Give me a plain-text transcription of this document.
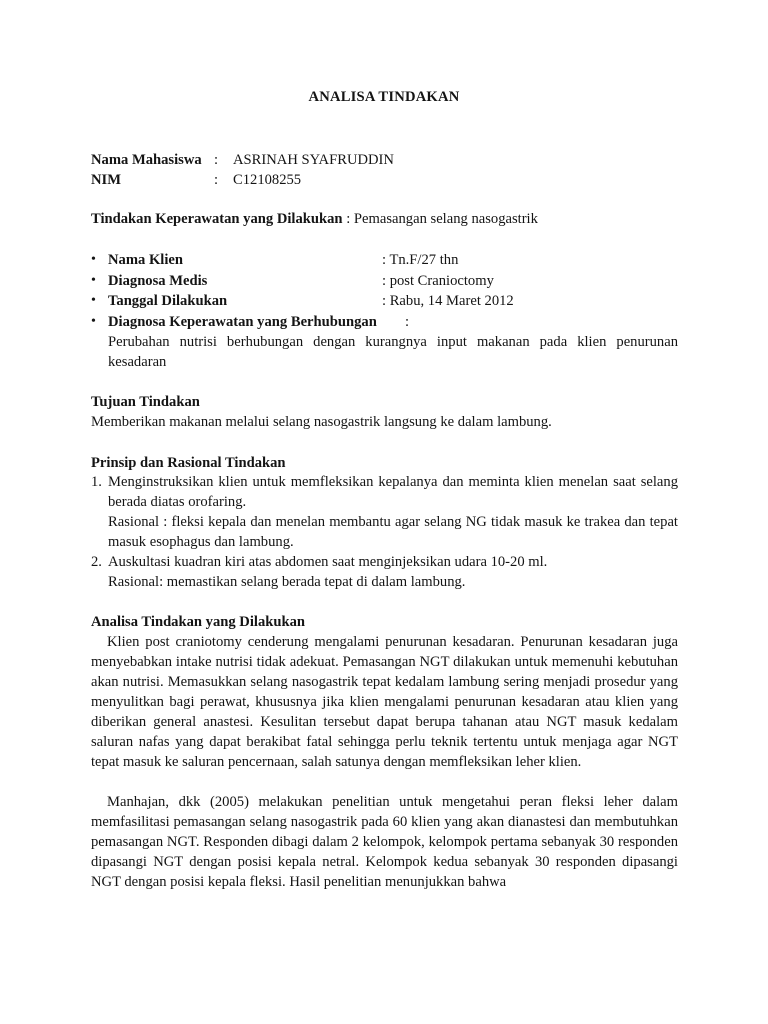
ANALISA TINDAKAN
Nama Mahasiswa : ASRINAH SYAFRUDDIN
NIM	: C12108255
Tindakan Keperawatan yang Dilakukan : Pemasangan selang nasogastrik
• Nama Klien	: Tn.F/27 thn
• Diagnosa Medis	: post Cranioctomy
• Tanggal Dilakukan	: Rabu, 14 Maret 2012
• Diagnosa Keperawatan yang Berhubungan :
Perubahan nutrisi berhubungan dengan kurangnya input makanan pada klien penurunan kesadaran
Tujuan Tindakan
Memberikan makanan melalui selang nasogastrik langsung ke dalam lambung.
Prinsip dan Rasional Tindakan
1. Menginstruksikan klien untuk memfleksikan kepalanya dan meminta klien menelan saat selang berada diatas orofaring.
Rasional : fleksi kepala dan menelan membantu agar selang NG tidak masuk ke trakea dan tepat masuk esophagus dan lambung.
2. Auskultasi kuadran kiri atas abdomen saat menginjeksikan udara 10-20 ml.
Rasional: memastikan selang berada tepat di dalam lambung.
Analisa Tindakan yang Dilakukan
Klien post craniotomy cenderung mengalami penurunan kesadaran. Penurunan kesadaran juga menyebabkan intake nutrisi tidak adekuat. Pemasangan NGT dilakukan untuk memenuhi kebutuhan akan nutrisi. Memasukkan selang nasogastrik tepat kedalam lambung sering menjadi prosedur yang menyulitkan bagi perawat, khususnya jika klien mengalami penurunan kesadaran atau klien yang diberikan general anastesi. Kesulitan tersebut dapat berupa tahanan atau NGT masuk kedalam saluran nafas yang dapat berakibat fatal sehingga perlu teknik tertentu untuk menjaga agar NGT tepat masuk ke saluran pencernaan, salah satunya dengan memfleksikan leher klien.
Manhajan, dkk (2005) melakukan penelitian untuk mengetahui peran fleksi leher dalam memfasilitasi pemasangan selang nasogastrik pada 60 klien yang akan dianastesi dan membutuhkan pemasangan NGT. Responden dibagi dalam 2 kelompok, kelompok pertama sebanyak 30 responden dipasangi NGT dengan posisi kepala netral. Kelompok kedua sebanyak 30 responden dipasangi NGT dengan posisi kepala fleksi. Hasil penelitian menunjukkan bahwa
